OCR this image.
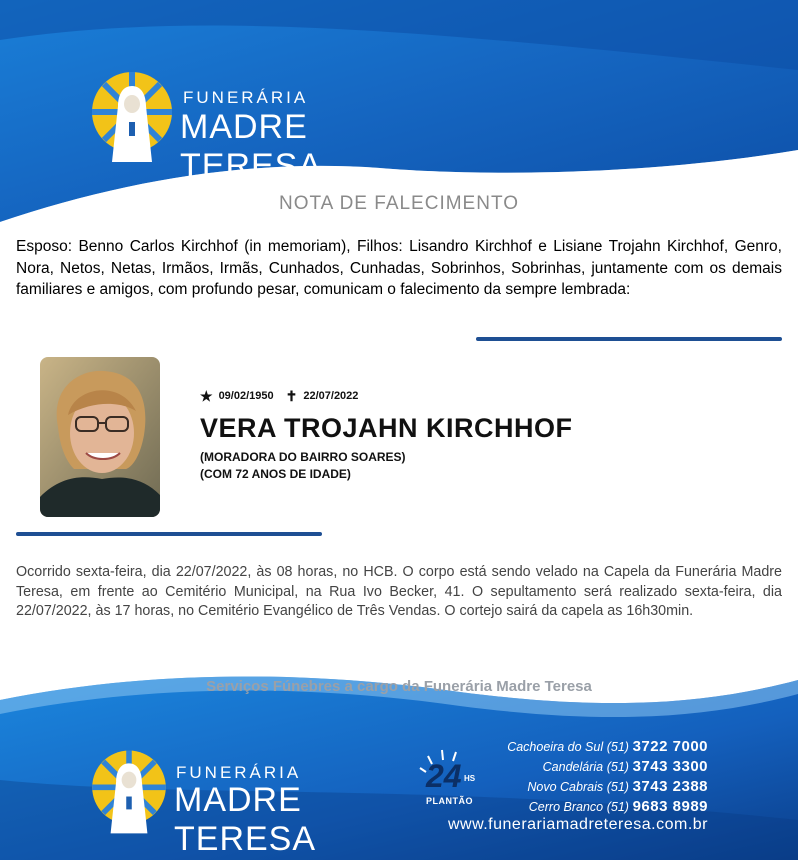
FUNERÁRIA
MADRE TERESA
NOTA DE FALECIMENTO
Esposo: Benno Carlos Kirchhof (in memoriam), Filhos: Lisandro Kirchhof e Lisiane Trojahn Kirchhof, Genro, Nora, Netos, Netas, Irmãos, Irmãs, Cunhados, Cunhadas, Sobrinhos, Sobrinhas, juntamente com os demais familiares e amigos, com profundo pesar, comunicam o falecimento da sempre lembrada:
★ 09/02/1950 ✝ 22/07/2022
VERA TROJAHN KIRCHHOF
(MORADORA DO BAIRRO SOARES)
(COM 72 ANOS DE IDADE)
Ocorrido sexta-feira, dia 22/07/2022, às 08 horas, no HCB. O corpo está sendo velado na Capela da Funerária Madre Teresa, em frente ao Cemitério Municipal, na Rua Ivo Becker, 41. O sepultamento será realizado sexta-feira, dia 22/07/2022, às 17 horas, no Cemitério Evangélico de Três Vendas. O cortejo sairá da capela as 16h30min.
Serviços Fúnebres a cargo da Funerária Madre Teresa
FUNERÁRIA
MADRE TERESA
24 HS
PLANTÃO
Cachoeira do Sul (51) 3722 7000
Candelária (51) 3743 3300
Novo Cabrais (51) 3743 2388
Cerro Branco (51) 9683 8989
www.funerariamadreteresa.com.br
